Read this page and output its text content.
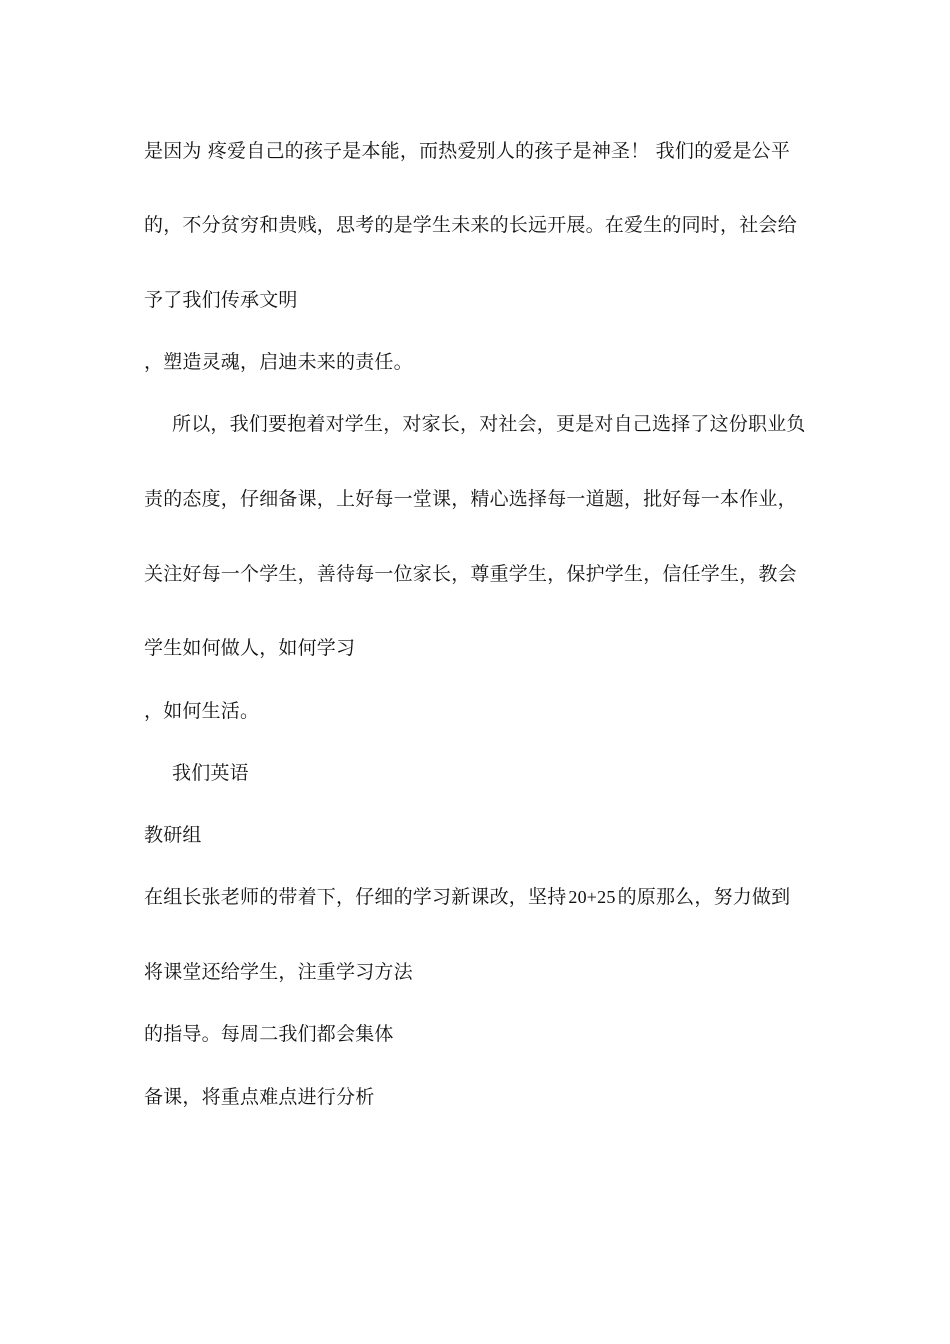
是因为 疼爱自己的孩子是本能，而热爱别人的孩子是神圣！ 我们的爱是公平
的，不分贫穷和贵贱，思考的是学生未来的长远开展。在爱生的同时，社会给
予了我们传承文明
，塑造灵魂，启迪未来的责任。
所以，我们要抱着对学生，对家长，对社会，更是对自己选择了这份职业负
责的态度，仔细备课，上好每一堂课，精心选择每一道题，批好每一本作业，
关注好每一个学生，善待每一位家长，尊重学生，保护学生，信任学生，教会
学生如何做人，如何学习
，如何生活。
我们英语
教研组
在组长张老师的带着下，仔细的学习新课改，坚持 20+25 的原那么，努力做到
将课堂还给学生，注重学习方法
的指导。每周二我们都会集体
备课，将重点难点进行分析
